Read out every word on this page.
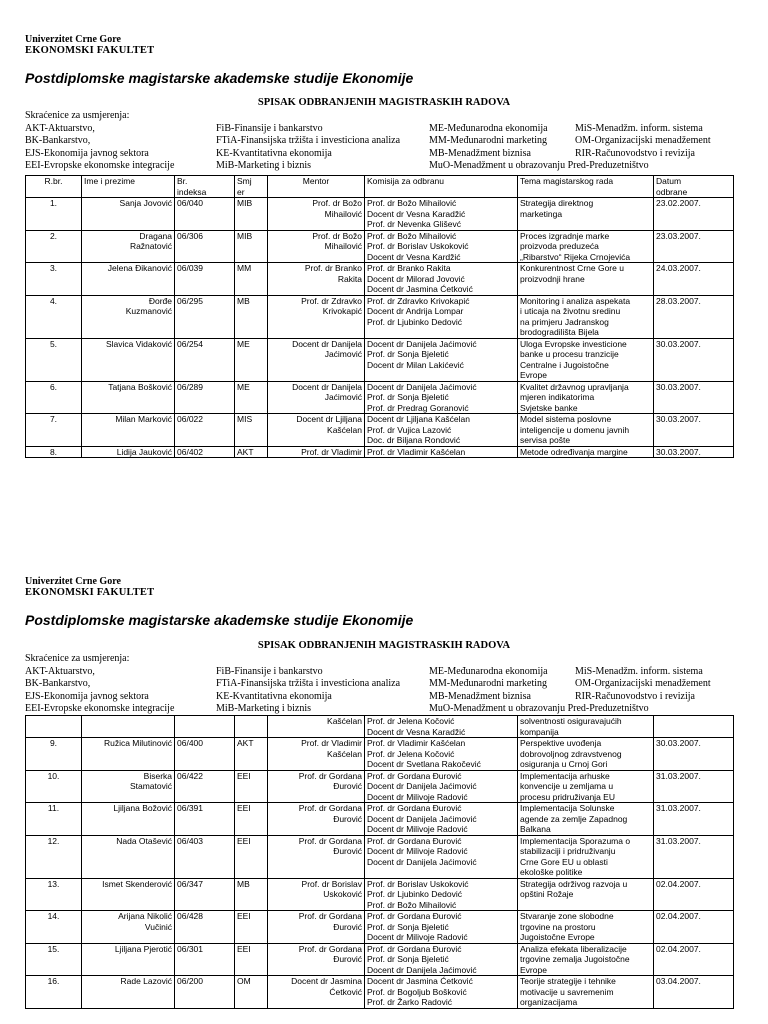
Univerzitet Crne Gore
EKONOMSKI FAKULTET
Postdiplomske magistarske akademske studije Ekonomije
SPISAK ODBRANJENIH MAGISTRASKIH RADOVA
Skraćenice za usmjerenja:
AKT-Aktuarstvo,	FiB-Finansije i bankarstvo	ME-Međunarodna ekonomija	MiS-Menadžm. inform. sistema
BK-Bankarstvo,	FTiA-Finansijska tržišta i investiciona analiza	MM-Međunarodni marketing	OM-Organizacijski menadžement
EJS-Ekonomija javnog sektora	KE-Kvantitativna ekonomija	MB-Menadžment biznisa	RIR-Računovodstvo i revizija
EEI-Evropske ekonomske integracije	MiB-Marketing i biznis	MuO-Menadžment u obrazovanju Pred-Preduzetništvo
R.br.	Ime i prezime	Br.
indeksa	Smj
er	Mentor	Komisija za odbranu	Tema magistarskog rada	Datum
odbrane

1.	Sanja Jovović	06/040	MIB	Prof. dr Božo
Mihailović	Prof. dr Božo Mihailović
Docent dr Vesna Karadžić
Prof. dr Nevenka Gliševć	Strategija direktnog
marketinga	23.02.2007.
2.	Dragana
Ražnatović	06/306	MIB	Prof. dr Božo
Mihailović	Prof. dr Božo Mihailović
Prof. dr Borislav Uskoković
Docent dr Vesna Kardžić	Proces izgradnje marke
proizvoda preduzeća
„Ribarstvo“ Rijeka Crnojevića	23.03.2007.
3.	Jelena Đikanović	06/039	MM	Prof. dr Branko
Rakita	Prof. dr Branko Rakita
Docent dr Milorad Jovović
Docent dr Jasmina Ćetković	Konkurentnost Crne Gore u
proizvodnji hrane	24.03.2007.
4.	Đorđe
Kuzmanović	06/295	MB	Prof. dr Zdravko
Krivokapić	Prof. dr Zdravko Krivokapić
Docent dr Andrija Lompar
Prof. dr Ljubinko Dedović	Monitoring i analiza aspekata
i uticaja na životnu sredinu
na primjeru Jadranskog
brodogradilišta Bijela	28.03.2007.
5.	Slavica Vidaković	06/254	ME	Docent dr Danijela
Jaćimović	Docent dr Danijela Jaćimović
Prof. dr Sonja Bjeletić
Docent dr Milan Lakićević	Uloga Evropske investicione
banke u procesu tranzicije
Centralne i Jugoistočne
Evrope	30.03.2007.
6.	Tatjana Bošković	06/289	ME	Docent dr Danijela
Jaćimović	Docent dr Danijela Jaćimović
Prof. dr Sonja Bjeletić
Prof. dr Predrag Goranović	Kvalitet državnog upravljanja
mjeren indikatorima
Svjetske banke	30.03.2007.
7.	Milan Marković	06/022	MIS	Docent dr Ljiljana
Kašćelan	Docent dr Ljiljana Kašćelan
Prof. dr Vujica Lazović
Doc. dr Biljana Rondović	Model sistema poslovne
inteligencije u domenu javnih
servisa pošte	30.03.2007.
8.	Lidija Jauković	06/402	AKT	Prof. dr Vladimir	Prof. dr Vladimir Kašćelan	Metode određivanja margine	30.03.2007.
Univerzitet Crne Gore
EKONOMSKI FAKULTET
Postdiplomske magistarske akademske studije Ekonomije
SPISAK ODBRANJENIH MAGISTRASKIH RADOVA
Skraćenice za usmjerenja:
AKT-Aktuarstvo,	FiB-Finansije i bankarstvo	ME-Međunarodna ekonomija	MiS-Menadžm. inform. sistema
BK-Bankarstvo,	FTiA-Finansijska tržišta i investiciona analiza	MM-Međunarodni marketing	OM-Organizacijski menadžement
EJS-Ekonomija javnog sektora	KE-Kvantitativna ekonomija	MB-Menadžment biznisa	RIR-Računovodstvo i revizija
EEI-Evropske ekonomske integracije	MiB-Marketing i biznis	MuO-Menadžment u obrazovanju Pred-Preduzetništvo

				Kašćelan	Prof. dr Jelena Kočović
Docent dr Vesna Karadžić	solventnosti osiguravajućih
kompanija	

9.	Ružica Milutinović	06/400	AKT	Prof. dr Vladimir
Kašćelan	Prof. dr Vladimir Kašćelan
Prof. dr Jelena Kočović
Docent dr Svetlana Rakočević	Perspektive uvođenja
dobrovoljnog zdravstvenog
osiguranja u Crnoj Gori	30.03.2007.
10.	Biserka
Stamatović	06/422	EEI	Prof. dr Gordana
Đurović	Prof. dr Gordana Đurović
Docent dr Danijela Jaćimović
Docent dr Milivoje Radović	Implementacija arhuske
konvencije u zemljama u
procesu pridruživanja EU	31.03.2007.
11.	Ljiljana Božović	06/391	EEI	Prof. dr Gordana
Đurović	Prof. dr Gordana Đurović
Docent dr Danijela Jaćimović
Docent dr Milivoje Radović	Implementacija Solunske
agende za zemlje Zapadnog
Balkana	31.03.2007.
12.	Nada Otašević	06/403	EEI	Prof. dr Gordana
Đurović	Prof. dr Gordana Đurović
Docent dr Milivoje Radović
Docent dr Danijela Jaćimović	Implementacija Sporazuma o
stabilizaciji i pridruživanju
Crne Gore EU u oblasti
ekološke politike	31.03.2007.
13.	Ismet Skenderović	06/347	MB	Prof. dr Borislav
Uskoković	Prof. dr Borislav Uskoković
Prof. dr Ljubinko Dedović
Prof. dr Božo Mihailović	Strategija održivog razvoja u
opštini Rožaje	02.04.2007.
14.	Arijana Nikolić
Vučinić	06/428	EEI	Prof. dr Gordana
Đurović	Prof. dr Gordana Đurović
Prof. dr Sonja Bjeletić
Docent dr Milivoje Radović	Stvaranje zone slobodne
trgovine na prostoru
Jugoistočne Evrope	02.04.2007.
15.	Ljiljana Pjerotić	06/301	EEI	Prof. dr Gordana
Đurović	Prof. dr Gordana Đurović
Prof. dr Sonja Bjeletić
Docent dr Danijela Jaćimović	Analiza efekata liberalizacije
trgovine zemalja Jugoistočne
Evrope	02.04.2007.
16.	Rade Lazović	06/200	OM	Docent dr Jasmina
Ćetković	Docent dr Jasmina Ćetković
Prof. dr Bogoljub Bošković
Prof. dr Žarko Radović	Teorije strategije i tehnike
motivacije u savremenim
organizacijama	03.04.2007.
